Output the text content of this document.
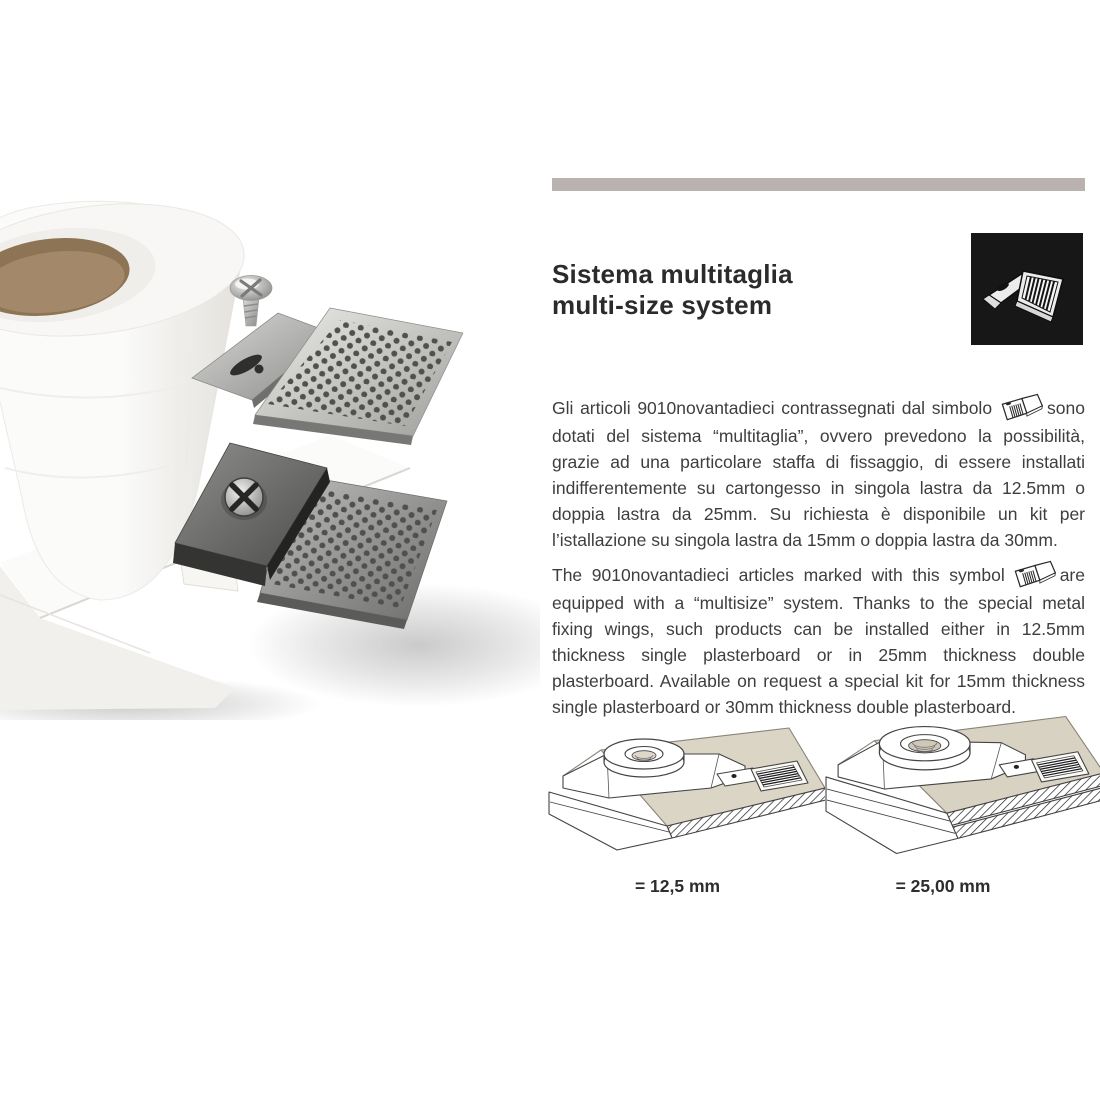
Sistema multitaglia
multi-size system

Gli articoli 9010novantadieci contrassegnati dal simbolo	sono dotati del sistema “multitaglia”, ovvero prevedono la possibilità, grazie ad una particolare staffa di fissaggio, di essere installati indifferentemente su cartongesso in singola lastra da 12.5mm o doppia lastra da 25mm. Su richiesta è disponibile un kit per l’istallazione su singola lastra da 15mm o doppia lastra da 30mm.

The 9010novantadieci articles marked with this symbol	are equipped with a “multisize” system. Thanks to the special metal fixing wings, such products can be installed either in 12.5mm thickness single plasterboard or in 25mm thickness double plasterboard. Available on request a special kit for 15mm thickness single plasterboard or 30mm thickness double plasterboard.

= 12,5 mm	= 25,00 mm
